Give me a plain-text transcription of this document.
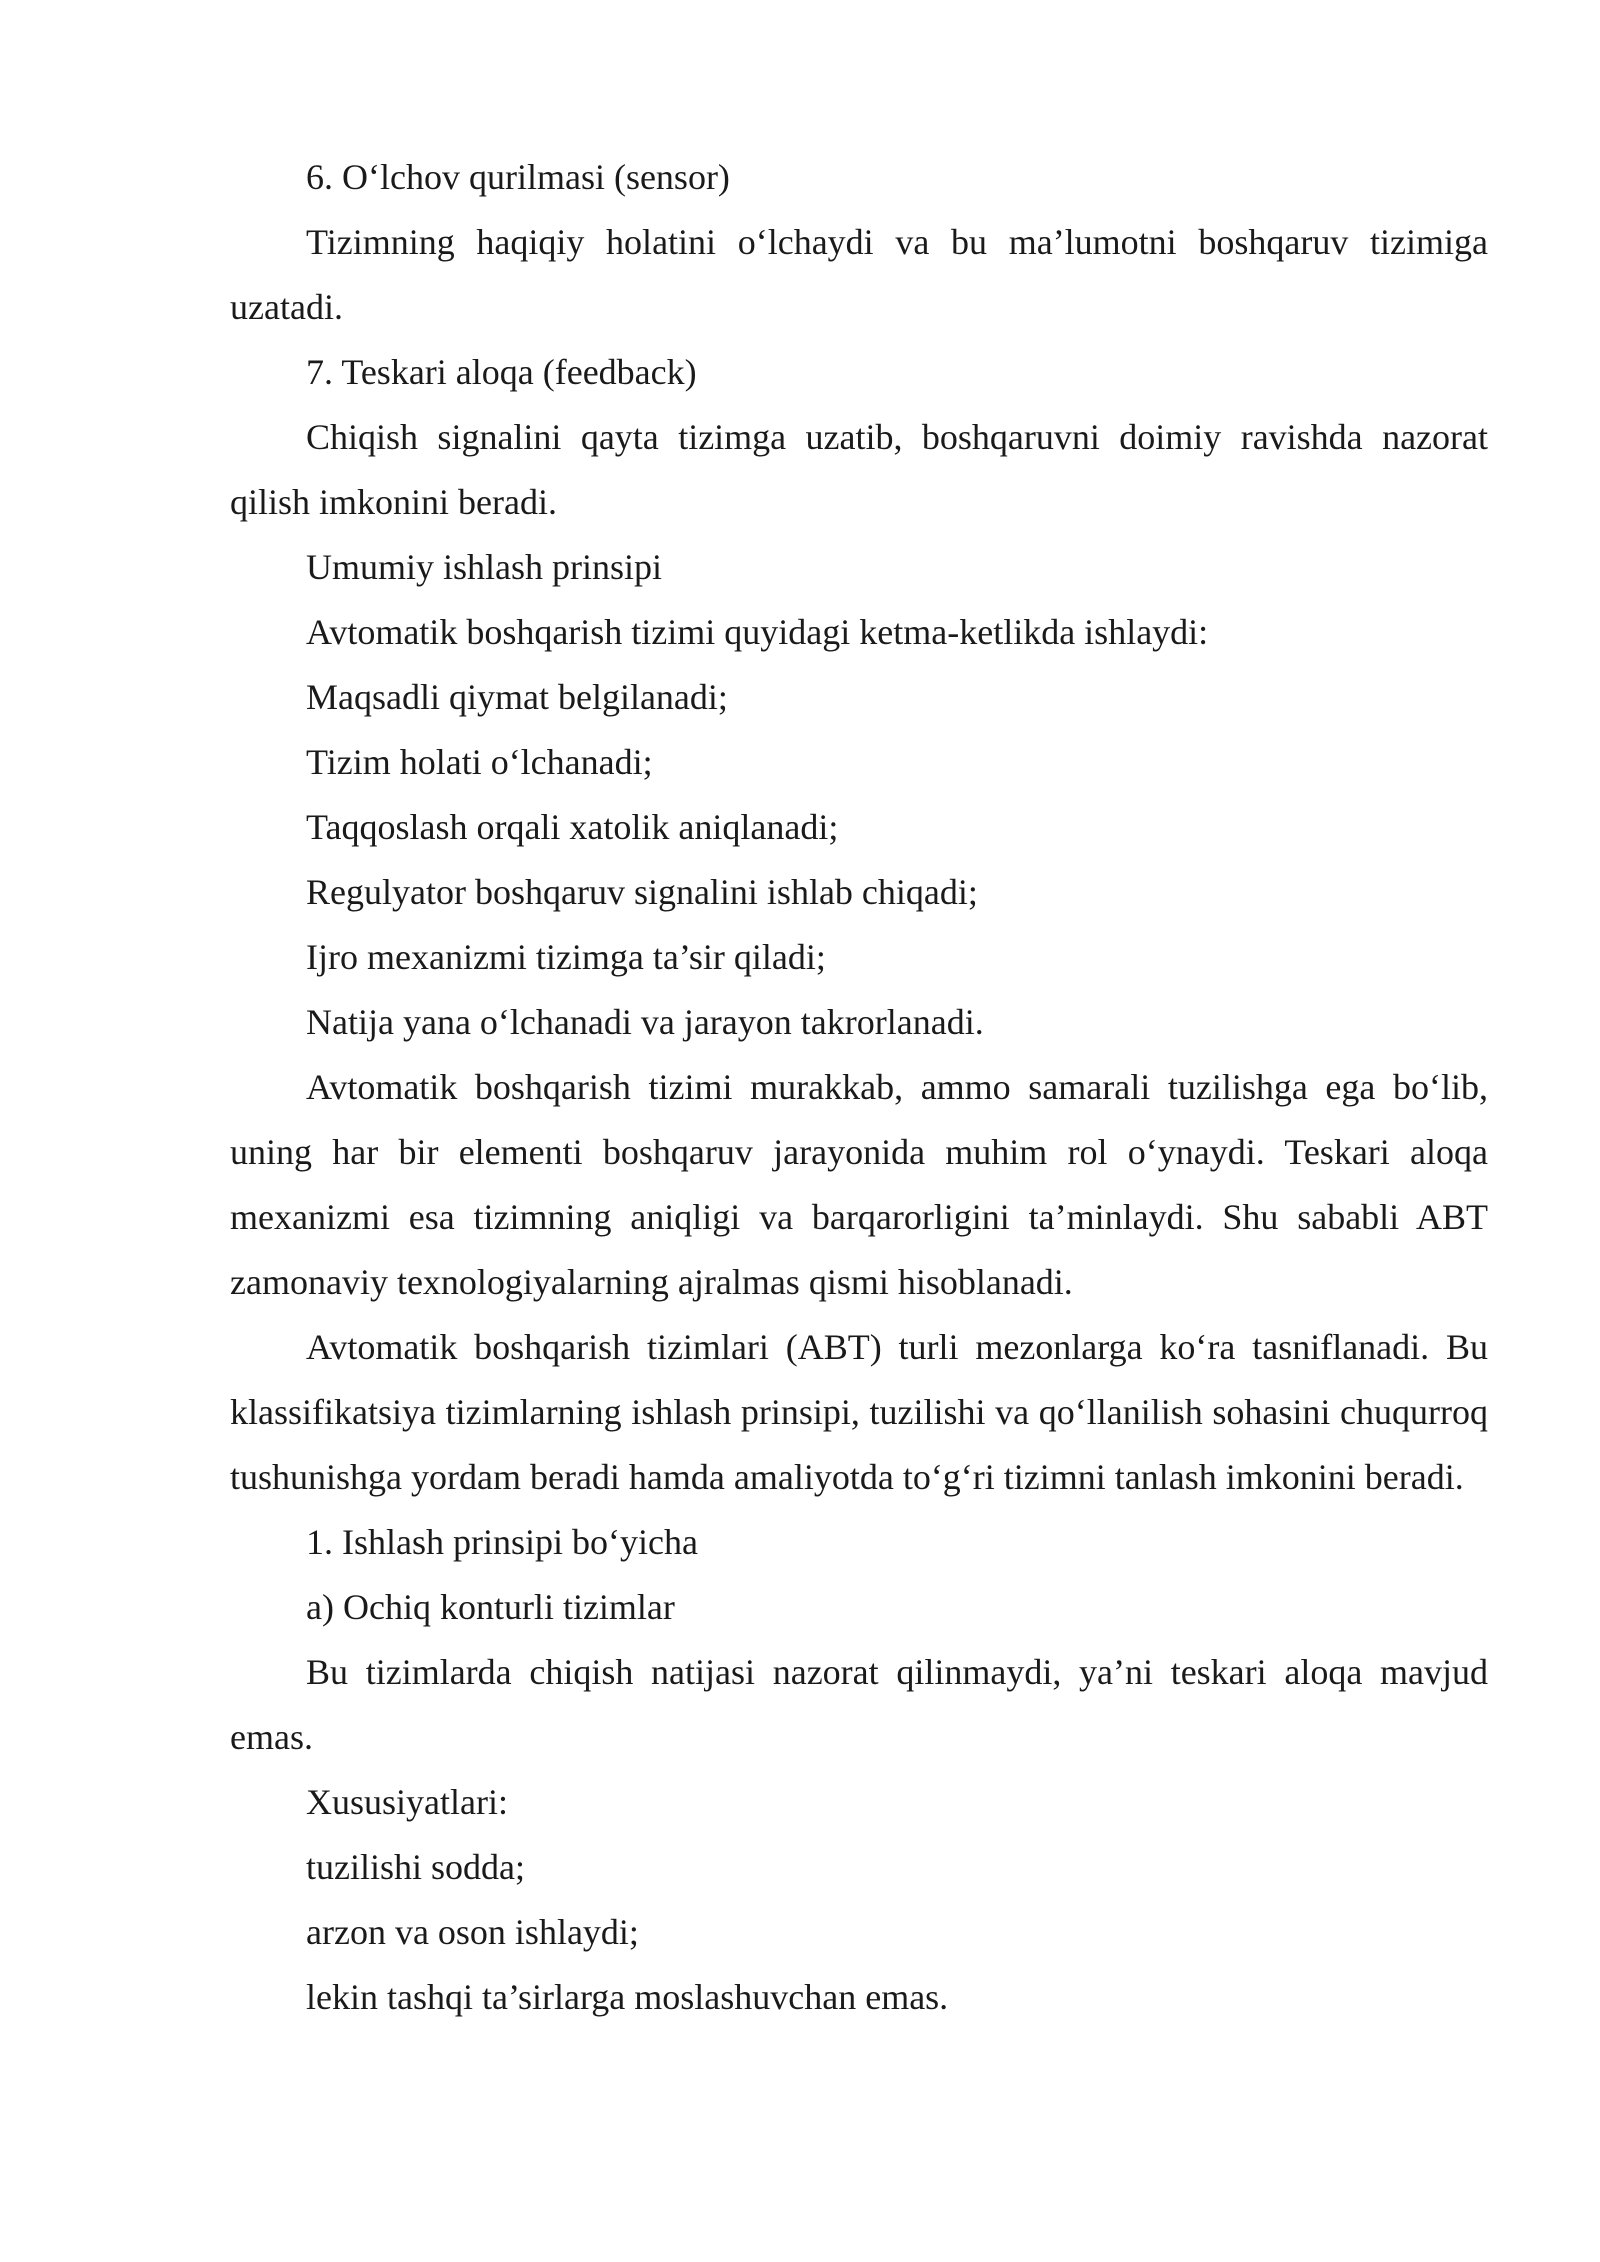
6. O‘lchov qurilmasi (sensor)

Tizimning haqiqiy holatini o‘lchaydi va bu ma’lumotni boshqaruv tizimiga uzatadi.

7. Teskari aloqa (feedback)

Chiqish signalini qayta tizimga uzatib, boshqaruvni doimiy ravishda nazorat qilish imkonini beradi.

Umumiy ishlash prinsipi

Avtomatik boshqarish tizimi quyidagi ketma-ketlikda ishlaydi:

Maqsadli qiymat belgilanadi;

Tizim holati o‘lchanadi;

Taqqoslash orqali xatolik aniqlanadi;

Regulyator boshqaruv signalini ishlab chiqadi;

Ijro mexanizmi tizimga ta’sir qiladi;

Natija yana o‘lchanadi va jarayon takrorlanadi.

Avtomatik boshqarish tizimi murakkab, ammo samarali tuzilishga ega bo‘lib, uning har bir elementi boshqaruv jarayonida muhim rol o‘ynaydi. Teskari aloqa mexanizmi esa tizimning aniqligi va barqarorligini ta’minlaydi. Shu sababli ABT zamonaviy texnologiyalarning ajralmas qismi hisoblanadi.

Avtomatik boshqarish tizimlari (ABT) turli mezonlarga ko‘ra tasniflanadi. Bu klassifikatsiya tizimlarning ishlash prinsipi, tuzilishi va qo‘llanilish sohasini chuqurroq tushunishga yordam beradi hamda amaliyotda to‘g‘ri tizimni tanlash imkonini beradi.

1. Ishlash prinsipi bo‘yicha

a) Ochiq konturli tizimlar

Bu tizimlarda chiqish natijasi nazorat qilinmaydi, ya’ni teskari aloqa mavjud emas.

Xususiyatlari:

tuzilishi sodda;

arzon va oson ishlaydi;

lekin tashqi ta’sirlarga moslashuvchan emas.
